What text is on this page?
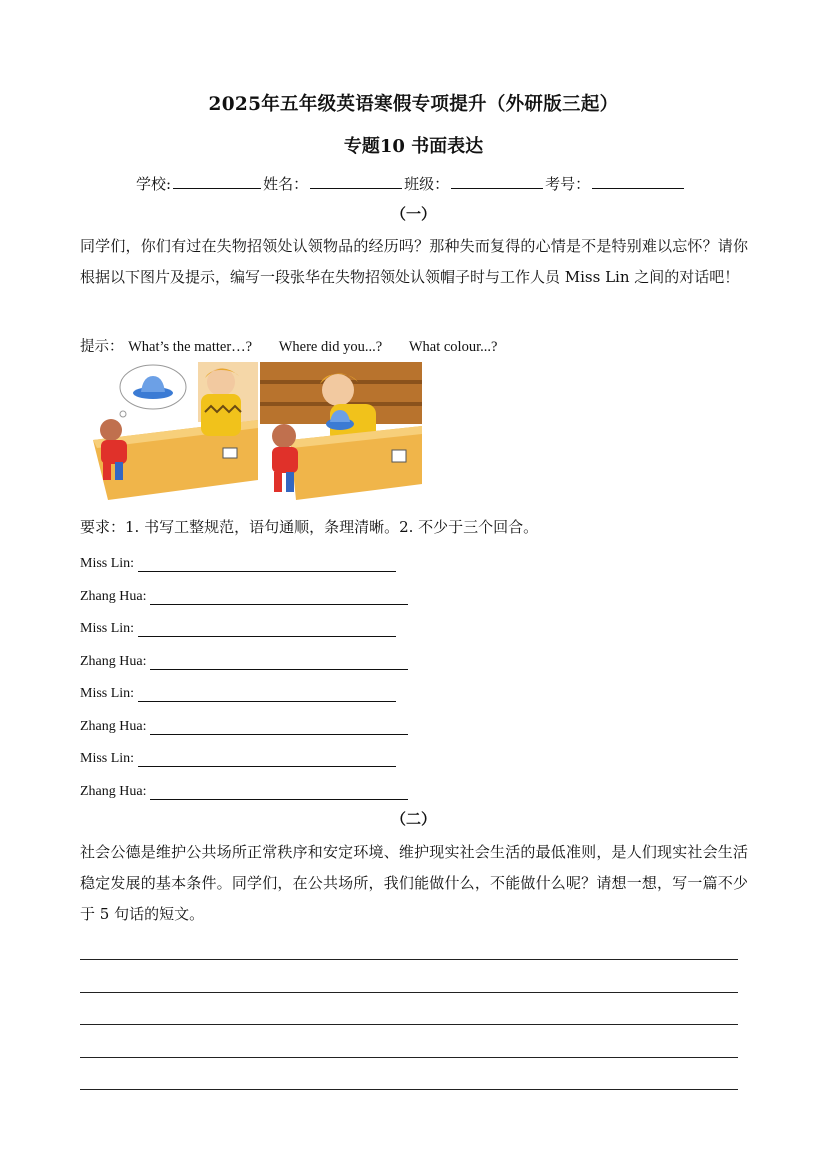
2025年五年级英语寒假专项提升（外研版三起）
专题10 书面表达
学校:	姓名：	班级：	考号：
（一）
同学们，你们有过在失物招领处认领物品的经历吗？那种失而复得的心情是不是特别难以忘怀？请你根据以下图片及提示，编写一段张华在失物招领处认领帽子时与工作人员 Miss Lin 之间的对话吧！
提示： What’s the matter…? Where did you...? What colour...?
要求：1. 书写工整规范，语句通顺，条理清晰。2. 不少于三个回合。
Miss Lin:
Zhang Hua:
Miss Lin:
Zhang Hua:
Miss Lin:
Zhang Hua:
Miss Lin:
Zhang Hua:
（二）
社会公德是维护公共场所正常秩序和安定环境、维护现实社会生活的最低准则，是人们现实社会生活稳定发展的基本条件。同学们，在公共场所，我们能做什么，不能做什么呢？请想一想，写一篇不少于 5 句话的短文。
